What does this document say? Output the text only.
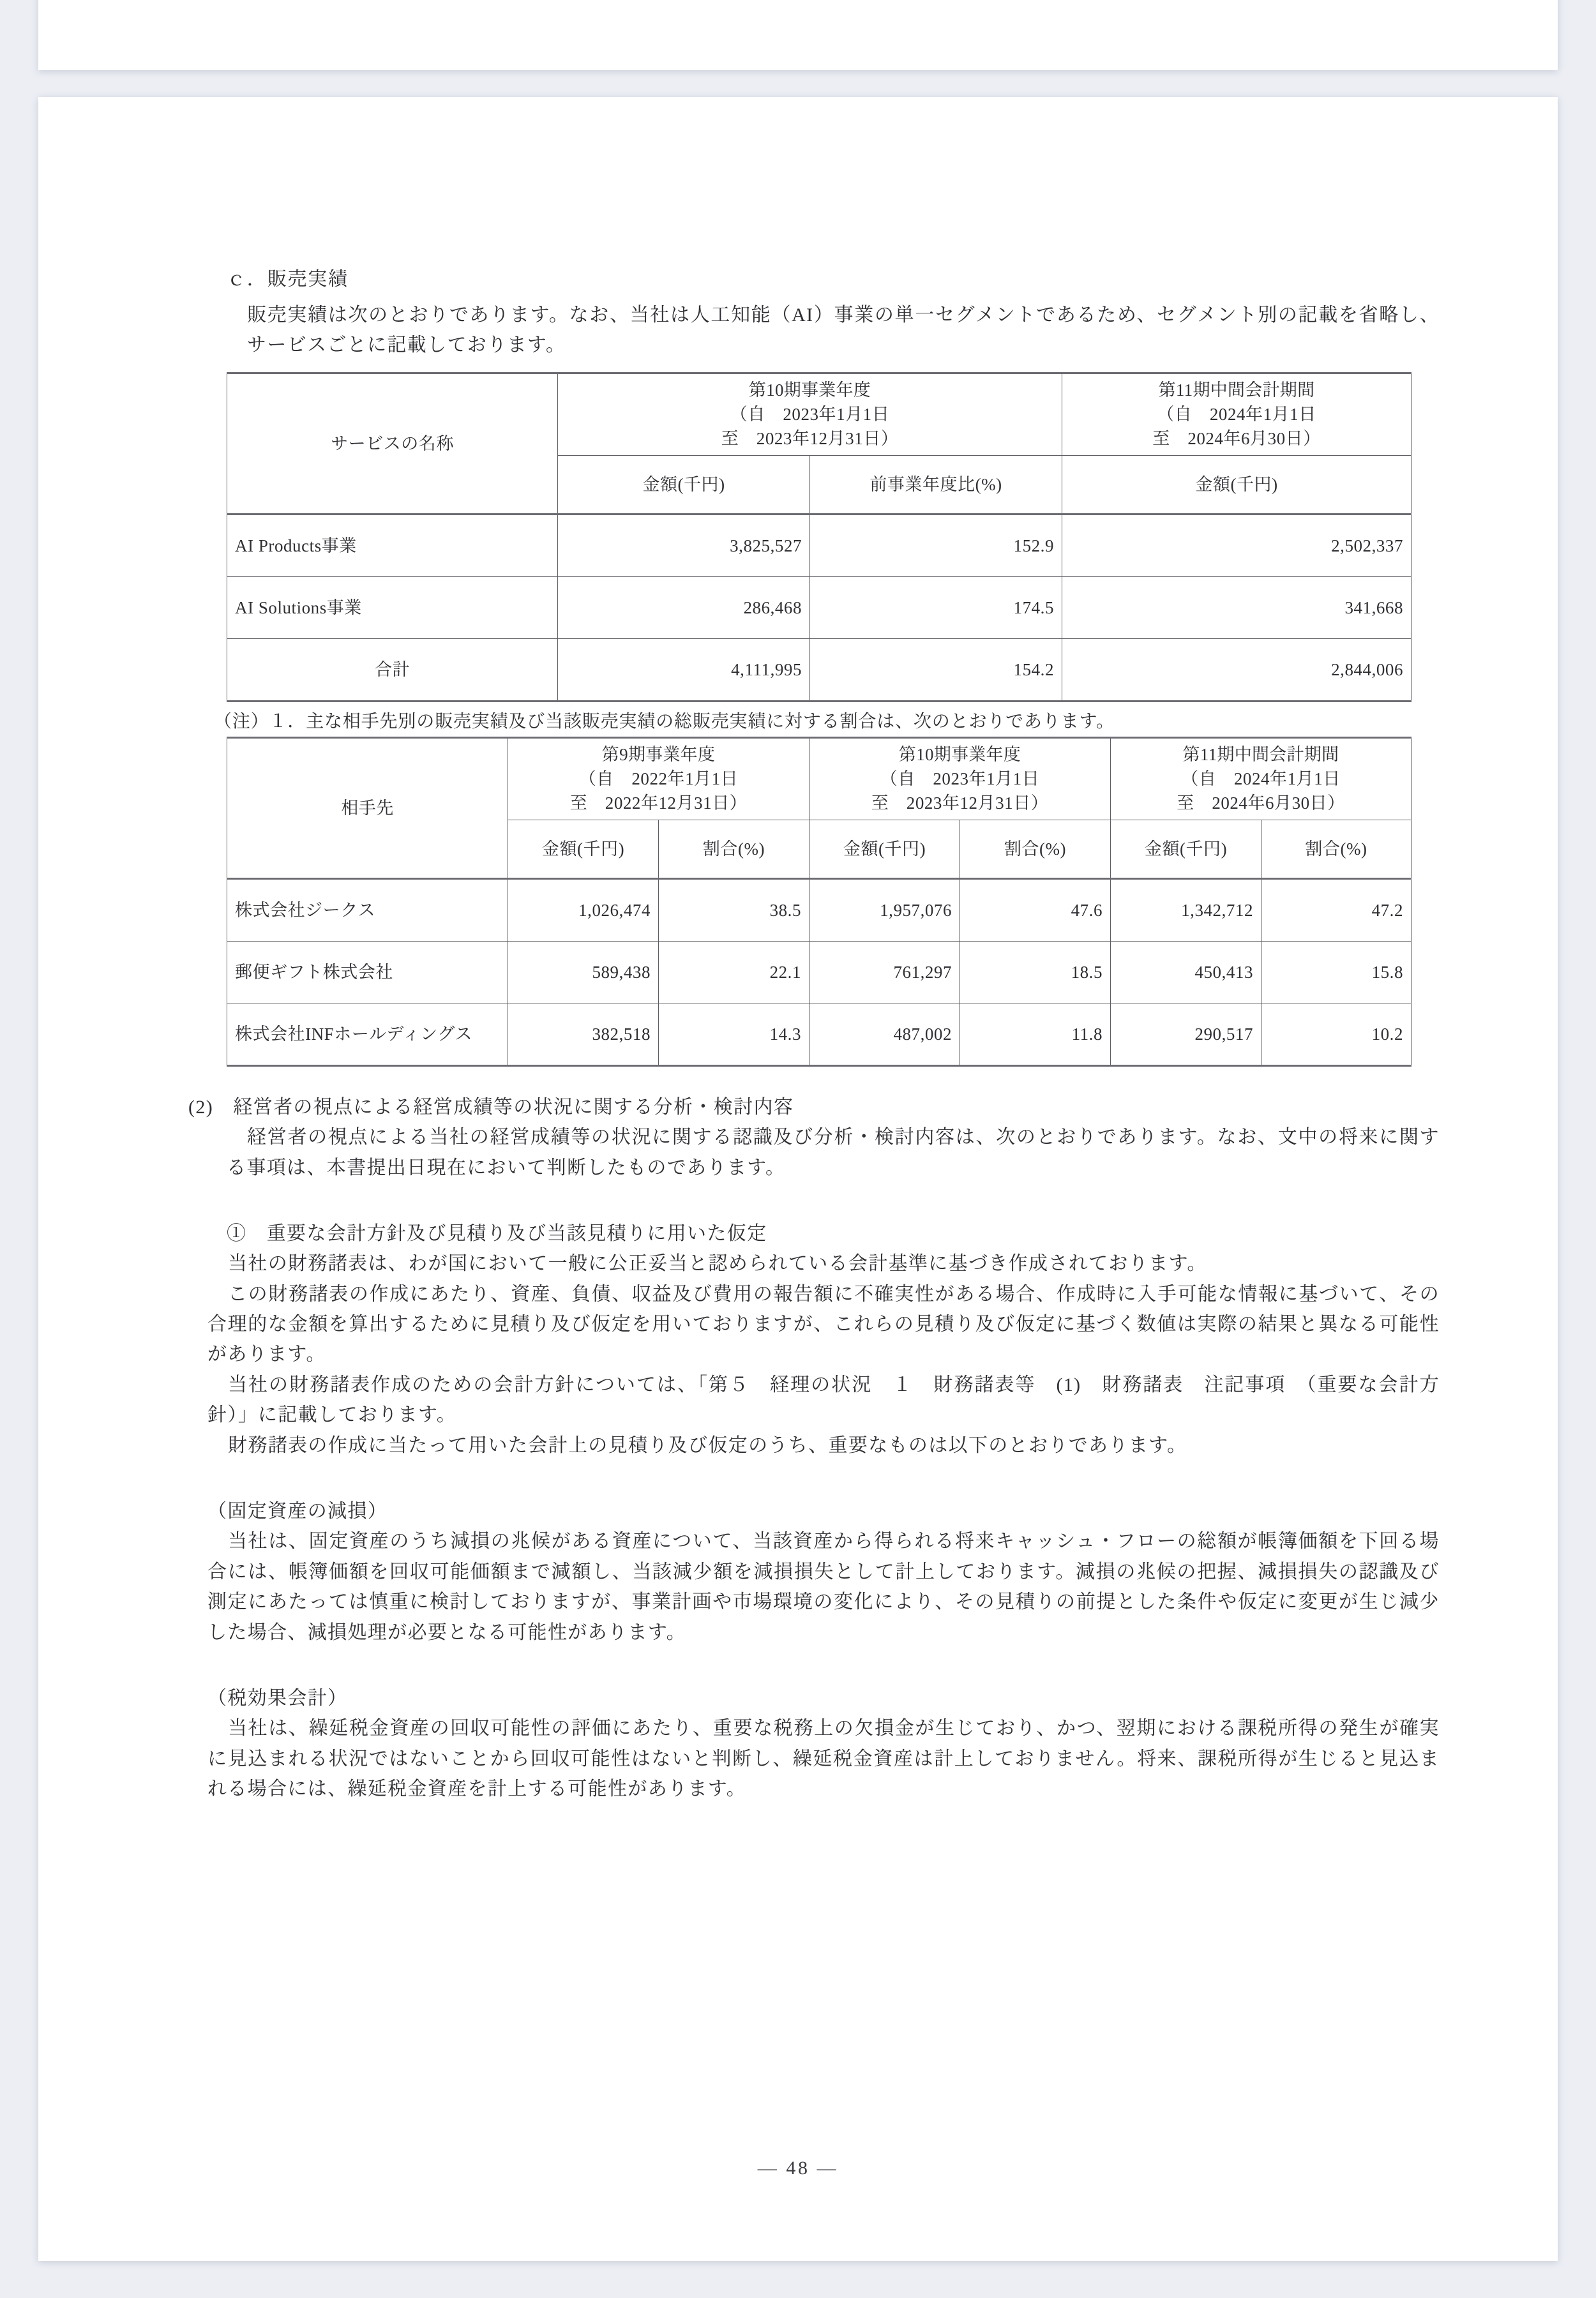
ｃ．販売実績

販売実績は次のとおりであります。なお、当社は人工知能（AI）事業の単一セグメントであるため、セグメント別の記載を省略し、サービスごとに記載しております。

サービスの名称	第10期事業年度
（自　2023年1月1日
至　2023年12月31日）		第11期中間会計期間
（自　2024年1月1日
至　2024年6月30日）

	金額(千円)	前事業年度比(%)	金額(千円)
AI Products事業	3,825,527	152.9	2,502,337
AI Solutions事業	286,468	174.5	341,668
合計	4,111,995	154.2	2,844,006
（注）１．主な相手先別の販売実績及び当該販売実績の総販売実績に対する割合は、次のとおりであります。
相手先	第9期事業年度
（自　2022年1月1日
至　2022年12月31日）		第10期事業年度
（自　2023年1月1日
至　2023年12月31日）		第11期中間会計期間
（自　2024年1月1日
至　2024年6月30日）	

	金額(千円)	割合(%)	金額(千円)	割合(%)	金額(千円)	割合(%)
株式会社ジークス	1,026,474	38.5	1,957,076	47.6	1,342,712	47.2
郵便ギフト株式会社	589,438	22.1	761,297	18.5	450,413	15.8
株式会社INFホールディングス	382,518	14.3	487,002	11.8	290,517	10.2

(2)　経営者の視点による経営成績等の状況に関する分析・検討内容

経営者の視点による当社の経営成績等の状況に関する認識及び分析・検討内容は、次のとおりであります。なお、文中の将来に関する事項は、本書提出日現在において判断したものであります。

①　重要な会計方針及び見積り及び当該見積りに用いた仮定

当社の財務諸表は、わが国において一般に公正妥当と認められている会計基準に基づき作成されております。

この財務諸表の作成にあたり、資産、負債、収益及び費用の報告額に不確実性がある場合、作成時に入手可能な情報に基づいて、その合理的な金額を算出するために見積り及び仮定を用いておりますが、これらの見積り及び仮定に基づく数値は実際の結果と異なる可能性があります。

当社の財務諸表作成のための会計方針については、「第５　経理の状況　１　財務諸表等　(1)　財務諸表　注記事項　（重要な会計方針）」に記載しております。

財務諸表の作成に当たって用いた会計上の見積り及び仮定のうち、重要なものは以下のとおりであります。

（固定資産の減損）

当社は、固定資産のうち減損の兆候がある資産について、当該資産から得られる将来キャッシュ・フローの総額が帳簿価額を下回る場合には、帳簿価額を回収可能価額まで減額し、当該減少額を減損損失として計上しております。減損の兆候の把握、減損損失の認識及び測定にあたっては慎重に検討しておりますが、事業計画や市場環境の変化により、その見積りの前提とした条件や仮定に変更が生じ減少した場合、減損処理が必要となる可能性があります。

（税効果会計）

当社は、繰延税金資産の回収可能性の評価にあたり、重要な税務上の欠損金が生じており、かつ、翌期における課税所得の発生が確実に見込まれる状況ではないことから回収可能性はないと判断し、繰延税金資産は計上しておりません。将来、課税所得が生じると見込まれる場合には、繰延税金資産を計上する可能性があります。

— 48 —
